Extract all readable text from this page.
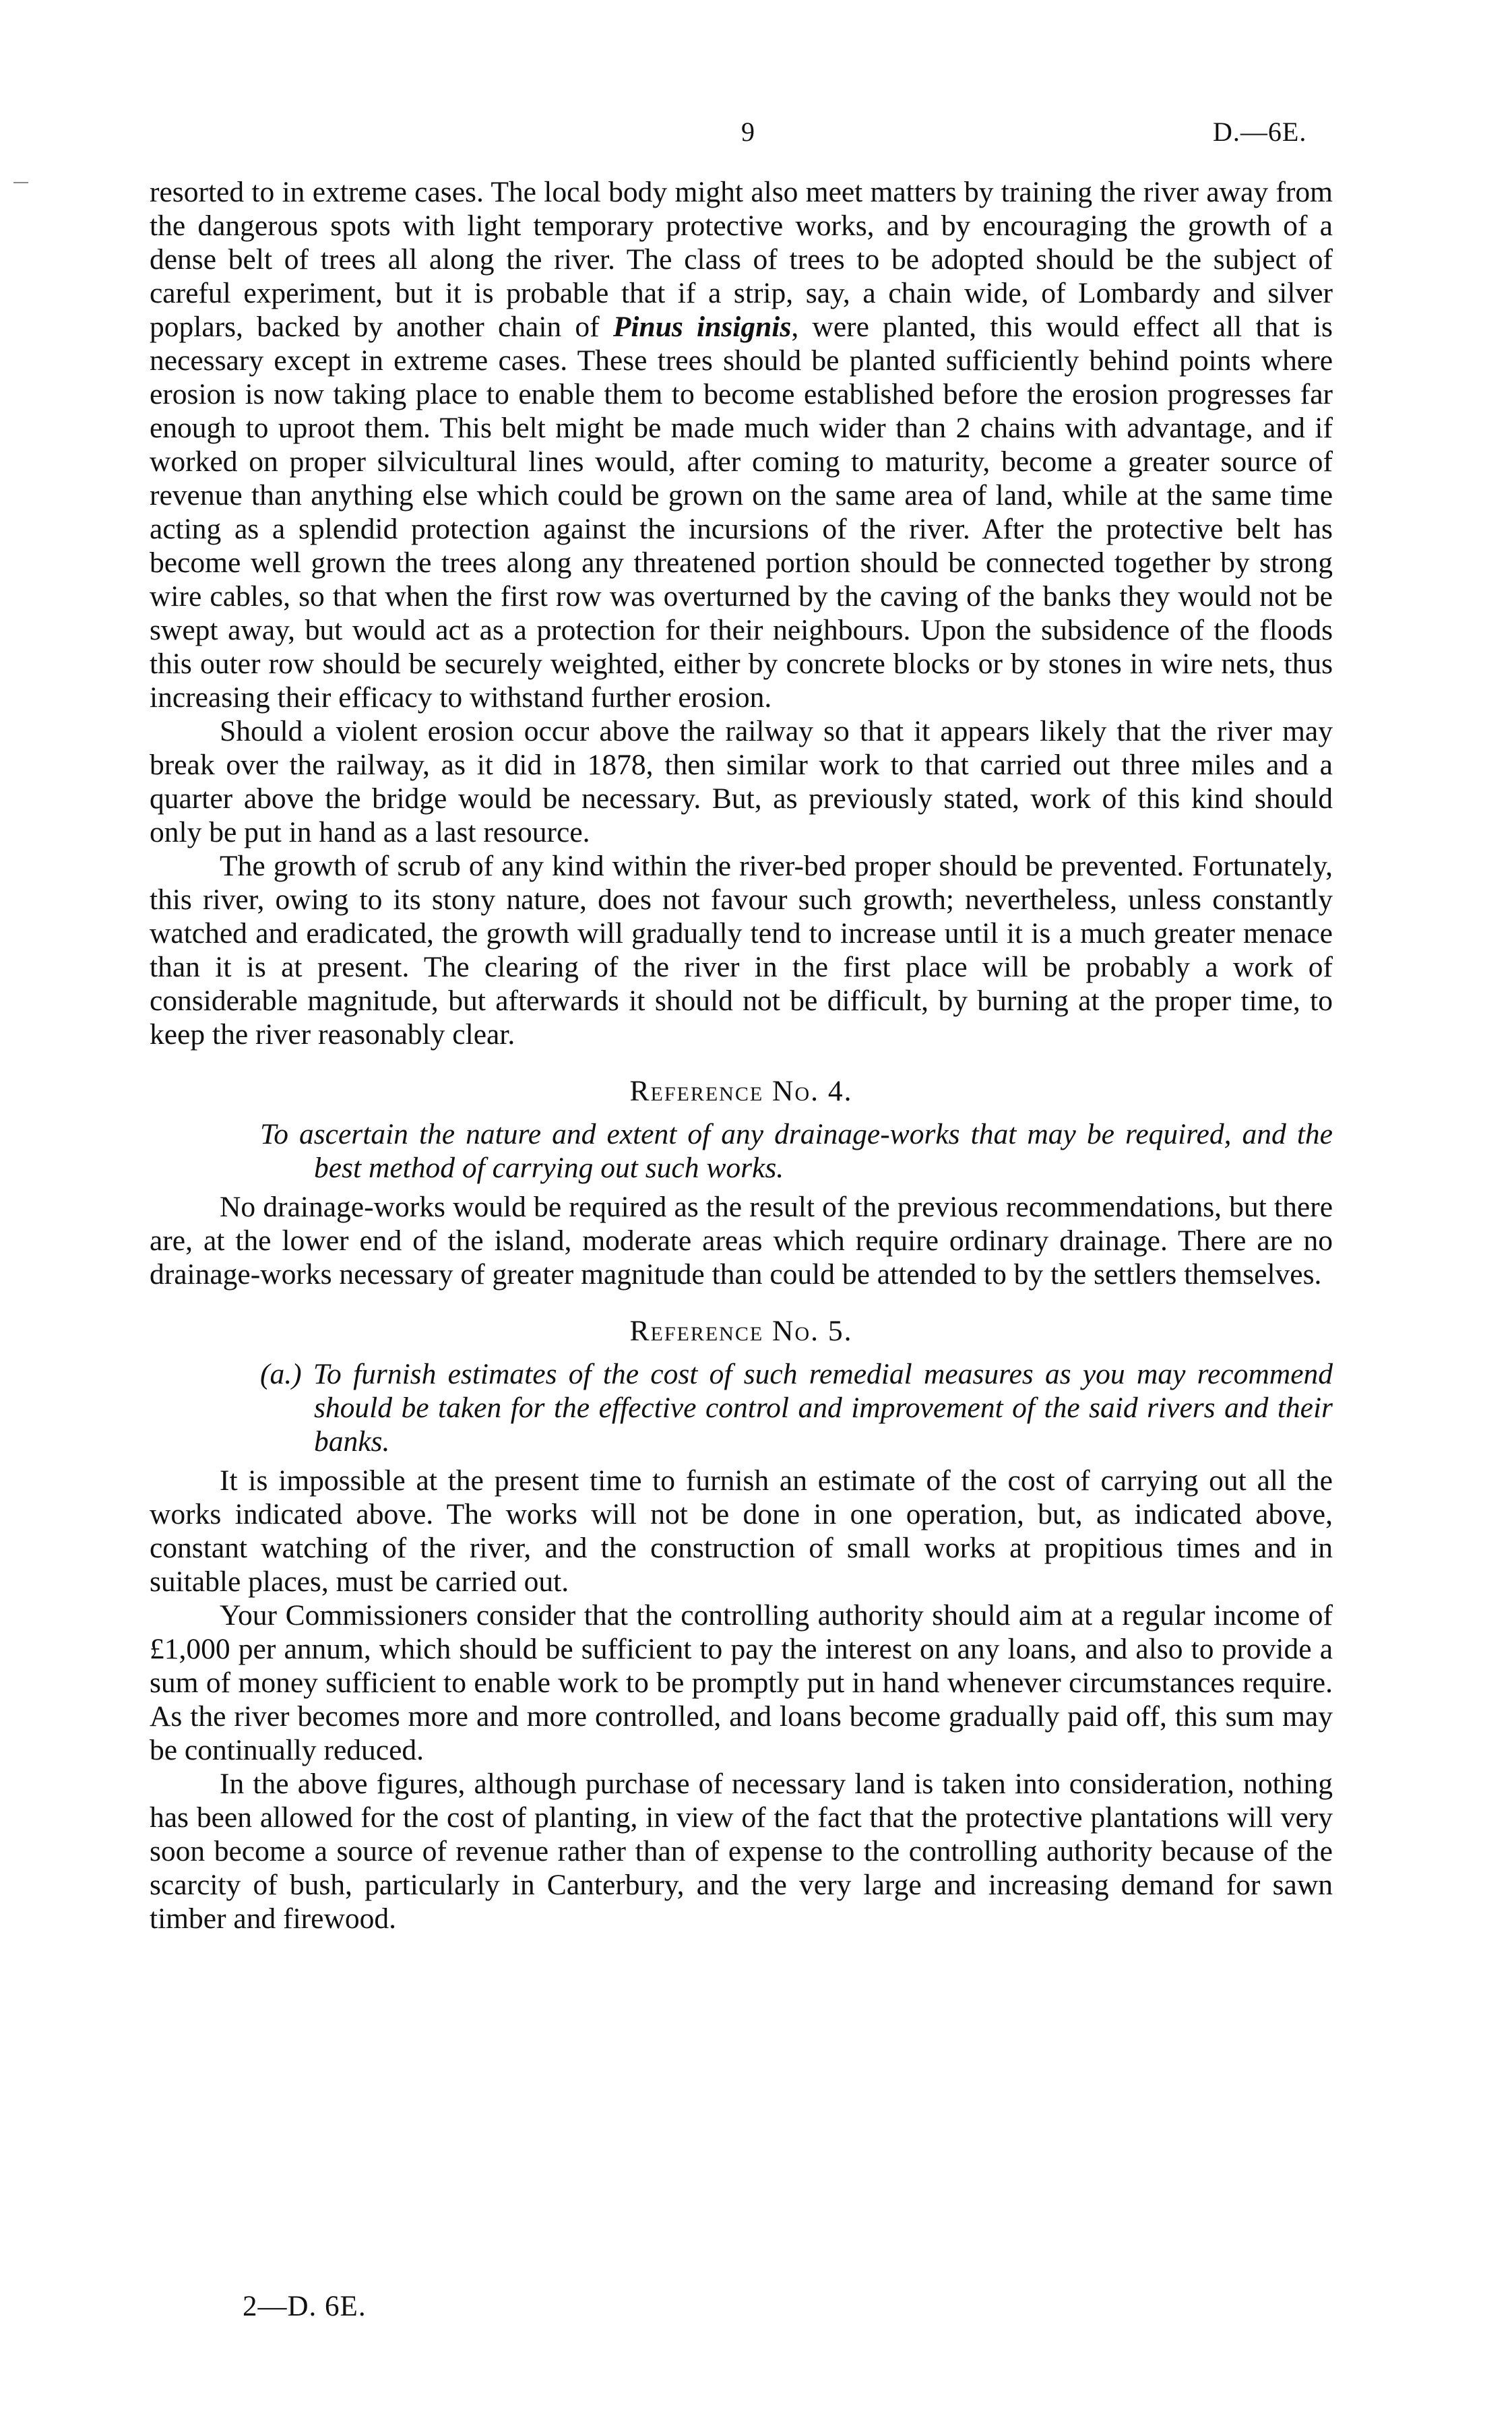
9	D.—6E.

resorted to in extreme cases. The local body might also meet matters by training the river away from the dangerous spots with light temporary protective works, and by encouraging the growth of a dense belt of trees all along the river. The class of trees to be adopted should be the subject of careful experiment, but it is probable that if a strip, say, a chain wide, of Lombardy and silver poplars, backed by another chain of Pinus insignis, were planted, this would effect all that is necessary except in extreme cases. These trees should be planted sufficiently behind points where erosion is now taking place to enable them to become established before the erosion progresses far enough to uproot them. This belt might be made much wider than 2 chains with advantage, and if worked on proper silvicultural lines would, after coming to maturity, become a greater source of revenue than anything else which could be grown on the same area of land, while at the same time acting as a splendid protection against the incursions of the river. After the protective belt has become well grown the trees along any threatened portion should be connected together by strong wire cables, so that when the first row was overturned by the caving of the banks they would not be swept away, but would act as a protection for their neighbours. Upon the subsidence of the floods this outer row should be securely weighted, either by concrete blocks or by stones in wire nets, thus increasing their efficacy to withstand further erosion.

Should a violent erosion occur above the railway so that it appears likely that the river may break over the railway, as it did in 1878, then similar work to that carried out three miles and a quarter above the bridge would be necessary. But, as previously stated, work of this kind should only be put in hand as a last resource.

The growth of scrub of any kind within the river-bed proper should be prevented. Fortunately, this river, owing to its stony nature, does not favour such growth; nevertheless, unless constantly watched and eradicated, the growth will gradually tend to increase until it is a much greater menace than it is at present. The clearing of the river in the first place will be probably a work of considerable magnitude, but afterwards it should not be difficult, by burning at the proper time, to keep the river reasonably clear.

Reference No. 4.
To ascertain the nature and extent of any drainage-works that may be required, and the best method of carrying out such works.

No drainage-works would be required as the result of the previous recommendations, but there are, at the lower end of the island, moderate areas which require ordinary drainage. There are no drainage-works necessary of greater magnitude than could be attended to by the settlers themselves.

Reference No. 5.
(a.) To furnish estimates of the cost of such remedial measures as you may recommend should be taken for the effective control and improvement of the said rivers and their banks.

It is impossible at the present time to furnish an estimate of the cost of carrying out all the works indicated above. The works will not be done in one operation, but, as indicated above, constant watching of the river, and the construction of small works at propitious times and in suitable places, must be carried out.

Your Commissioners consider that the controlling authority should aim at a regular income of £1,000 per annum, which should be sufficient to pay the interest on any loans, and also to provide a sum of money sufficient to enable work to be promptly put in hand whenever circumstances require. As the river becomes more and more controlled, and loans become gradually paid off, this sum may be continually reduced.

In the above figures, although purchase of necessary land is taken into consideration, nothing has been allowed for the cost of planting, in view of the fact that the protective plantations will very soon become a source of revenue rather than of expense to the controlling authority because of the scarcity of bush, particularly in Canterbury, and the very large and increasing demand for sawn timber and firewood.

2—D. 6E.
